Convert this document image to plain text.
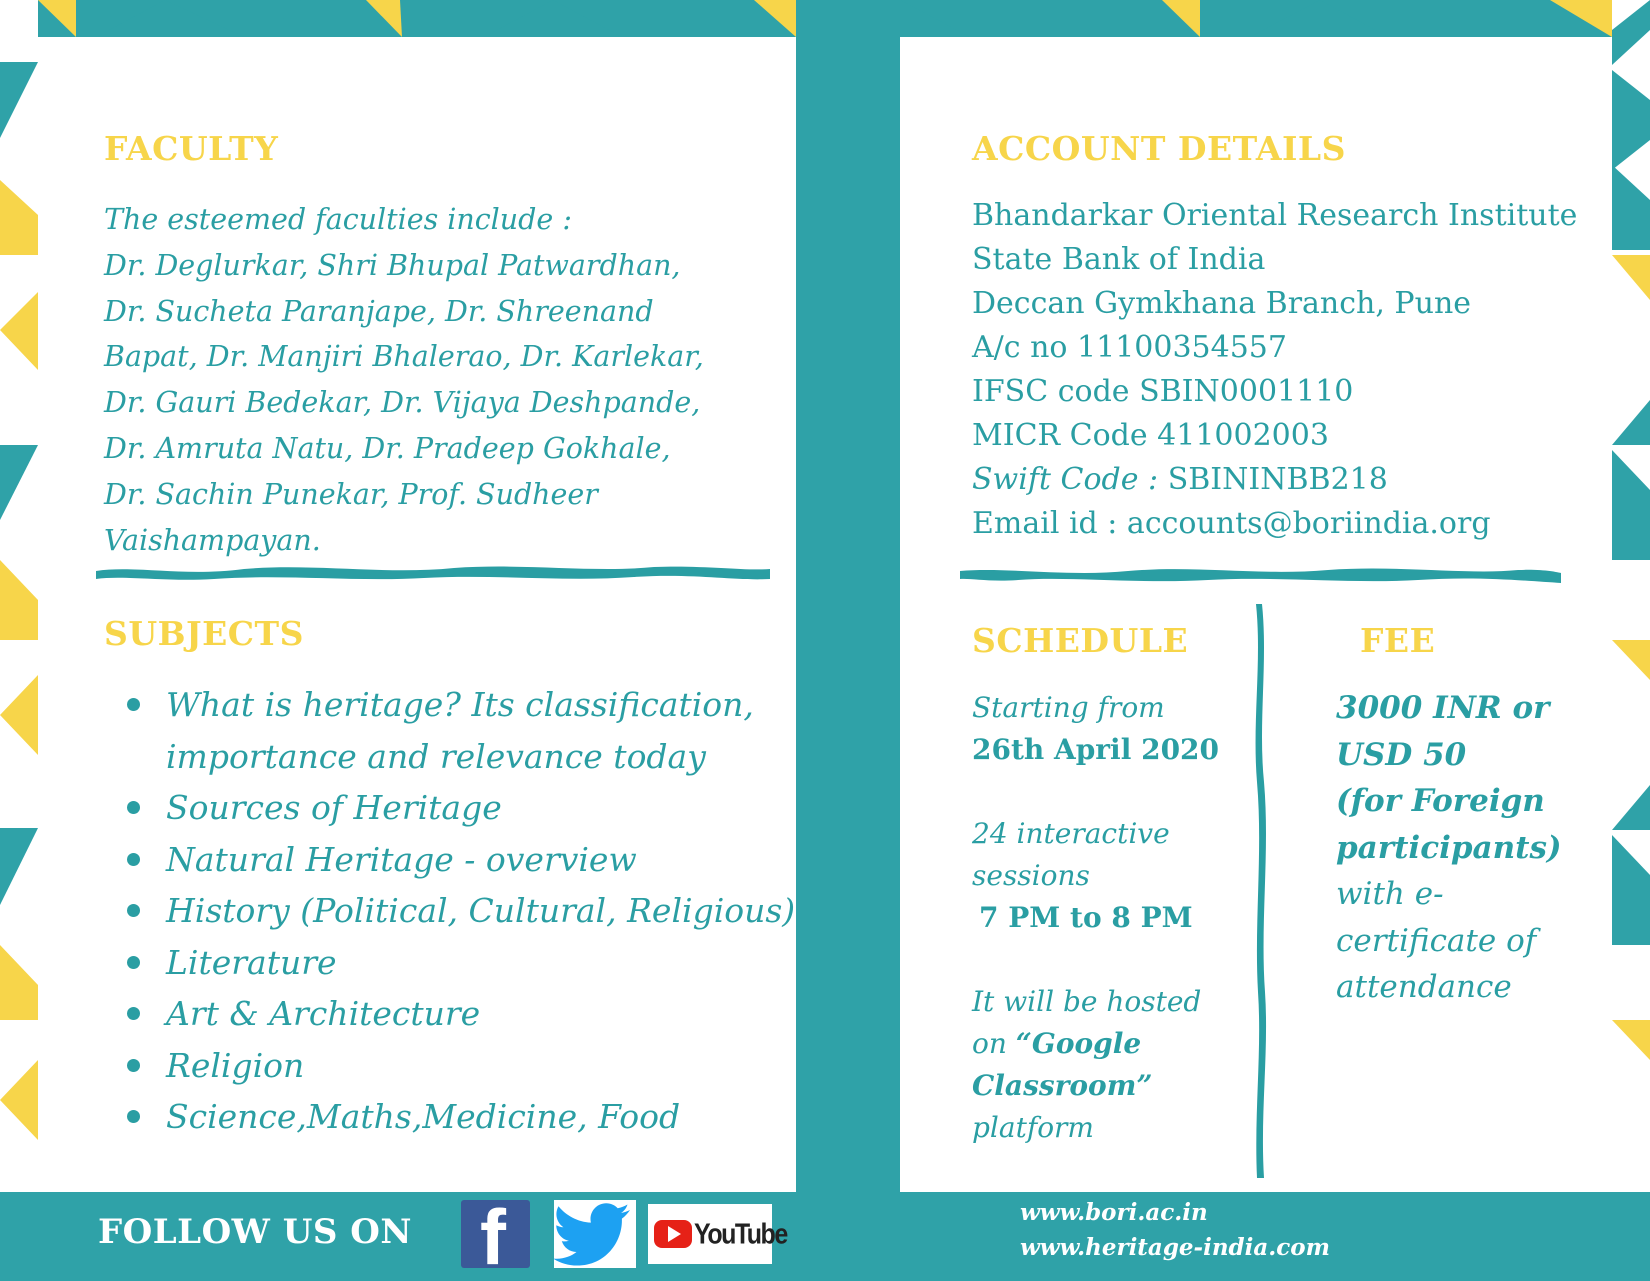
FACULTY
The esteemed faculties include :
Dr. Deglurkar, Shri Bhupal Patwardhan,
Dr. Sucheta Paranjape, Dr. Shreenand
Bapat, Dr. Manjiri Bhalerao, Dr. Karlekar,
Dr. Gauri Bedekar, Dr. Vijaya Deshpande,
Dr. Amruta Natu, Dr. Pradeep Gokhale,
Dr. Sachin Punekar, Prof. Sudheer
Vaishampayan.
SUBJECTS
What is heritage? Its classification, importance and relevance today
Sources of Heritage
Natural Heritage - overview
History (Political, Cultural, Religious)
Literature
Art & Architecture
Religion
Science,Maths,Medicine, Food
ACCOUNT DETAILS
Bhandarkar Oriental Research Institute
State Bank of India
Deccan Gymkhana Branch, Pune
A/c no 11100354557
IFSC code SBIN0001110
MICR Code 411002003
Swift Code : SBININBB218
Email id : accounts@boriindia.org
SCHEDULE	FEE
Starting from
26th April 2020
24 interactive
sessions
7 PM to 8 PM
It will be hosted
on “Google
Classroom”
platform
3000 INR or
USD 50
(for Foreign
participants)
with e-
certificate of
attendance
FOLLOW US ON f	YouTube
www.bori.ac.in
www.heritage-india.com
